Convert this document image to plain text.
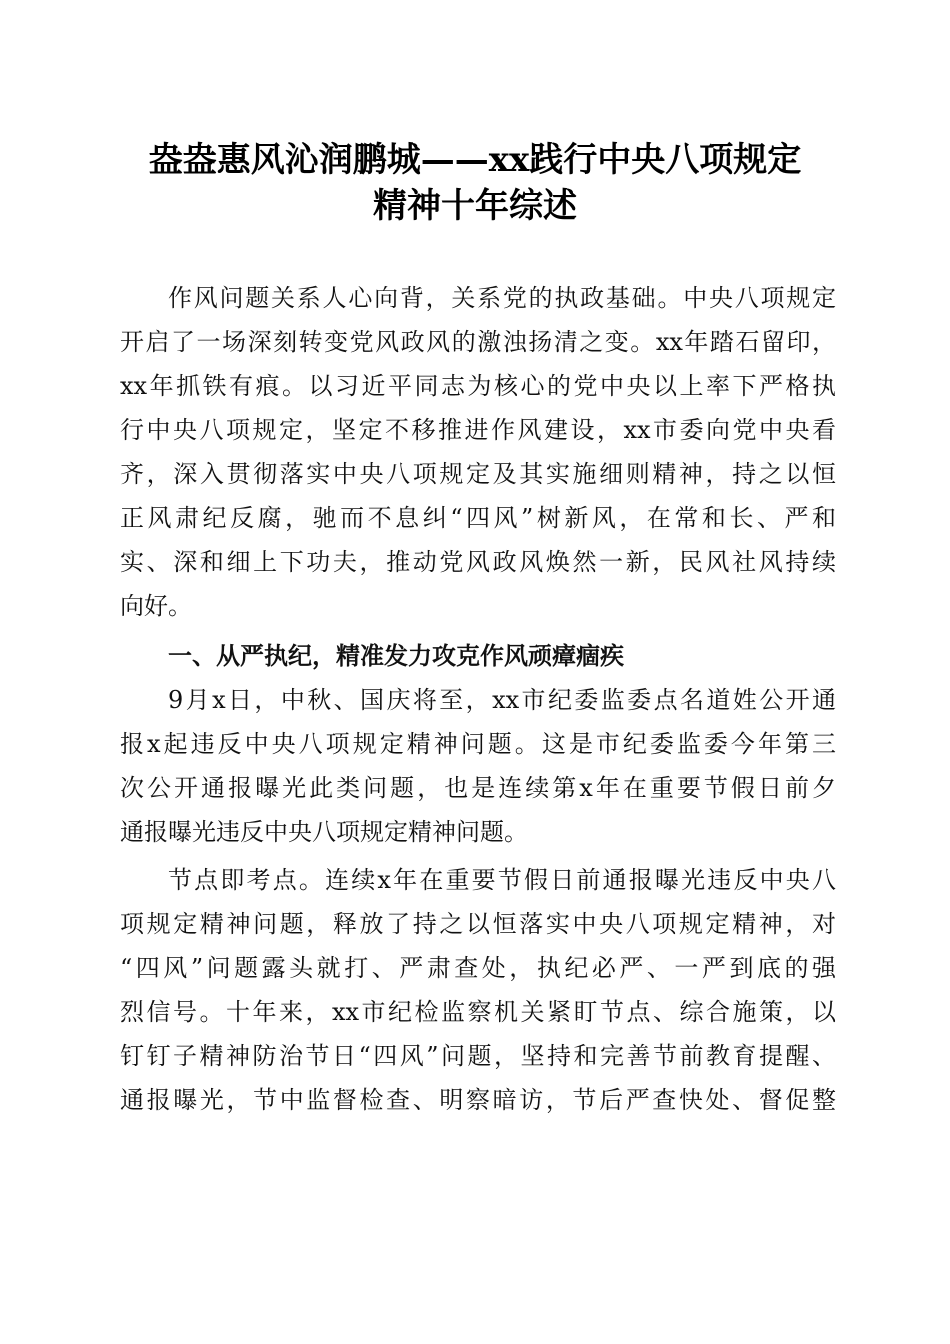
盎盎惠风沁润鹏城——xx践行中央八项规定
精神十年综述
作风问题关系人心向背，关系党的执政基础。中央八项规定
开启了一场深刻转变党风政风的激浊扬清之变。xx年踏石留印，
xx年抓铁有痕。以习近平同志为核心的党中央以上率下严格执
行中央八项规定，坚定不移推进作风建设，xx市委向党中央看
齐，深入贯彻落实中央八项规定及其实施细则精神，持之以恒
正风肃纪反腐，驰而不息纠“四风”树新风，在常和长、严和
实、深和细上下功夫，推动党风政风焕然一新，民风社风持续
向好。
一、从严执纪，精准发力攻克作风顽瘴痼疾
9月x日，中秋、国庆将至，xx市纪委监委点名道姓公开通
报x起违反中央八项规定精神问题。这是市纪委监委今年第三
次公开通报曝光此类问题，也是连续第x年在重要节假日前夕
通报曝光违反中央八项规定精神问题。
节点即考点。连续x年在重要节假日前通报曝光违反中央八
项规定精神问题，释放了持之以恒落实中央八项规定精神，对
“四风”问题露头就打、严肃查处，执纪必严、一严到底的强
烈信号。十年来，xx市纪检监察机关紧盯节点、综合施策，以
钉钉子精神防治节日“四风”问题，坚持和完善节前教育提醒、
通报曝光，节中监督检查、明察暗访，节后严查快处、督促整
